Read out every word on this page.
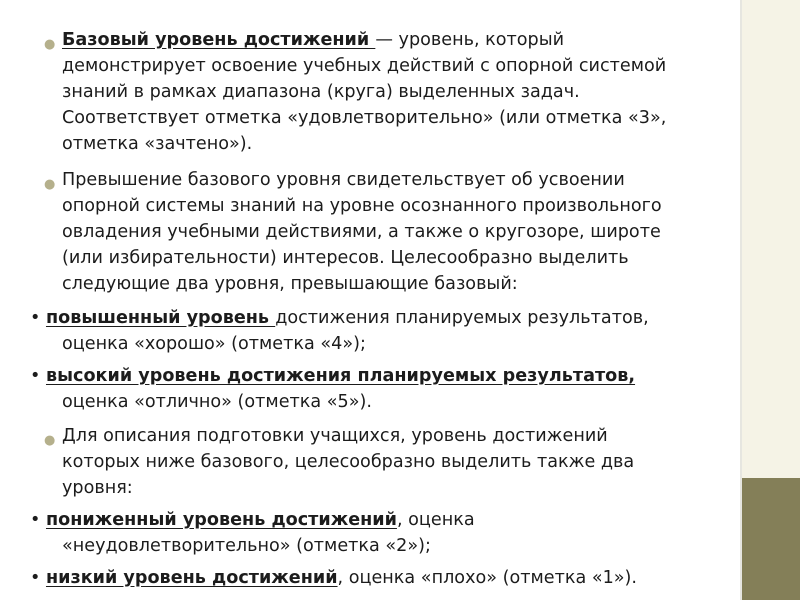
● Базовый уровень достижений — уровень, который
демонстрирует освоение учебных действий с опорной системой
знаний в рамках диапазона (круга) выделенных задач.
Соответствует отметка «удовлетворительно» (или отметка «3»,
отметка «зачтено»).
● Превышение базового уровня свидетельствует об усвоении
опорной системы знаний на уровне осознанного произвольного
овладения учебными действиями, а также о кругозоре, широте
(или избирательности) интересов. Целесообразно выделить
следующие два уровня, превышающие базовый:
• повышенный уровень достижения планируемых результатов,
оценка «хорошо» (отметка «4»);
• высокий уровень достижения планируемых результатов,
оценка «отлично» (отметка «5»).
● Для описания подготовки учащихся, уровень достижений
которых ниже базового, целесообразно выделить также два
уровня:
• пониженный уровень достижений, оценка
«неудовлетворительно» (отметка «2»);
• низкий уровень достижений, оценка «плохо» (отметка «1»).
